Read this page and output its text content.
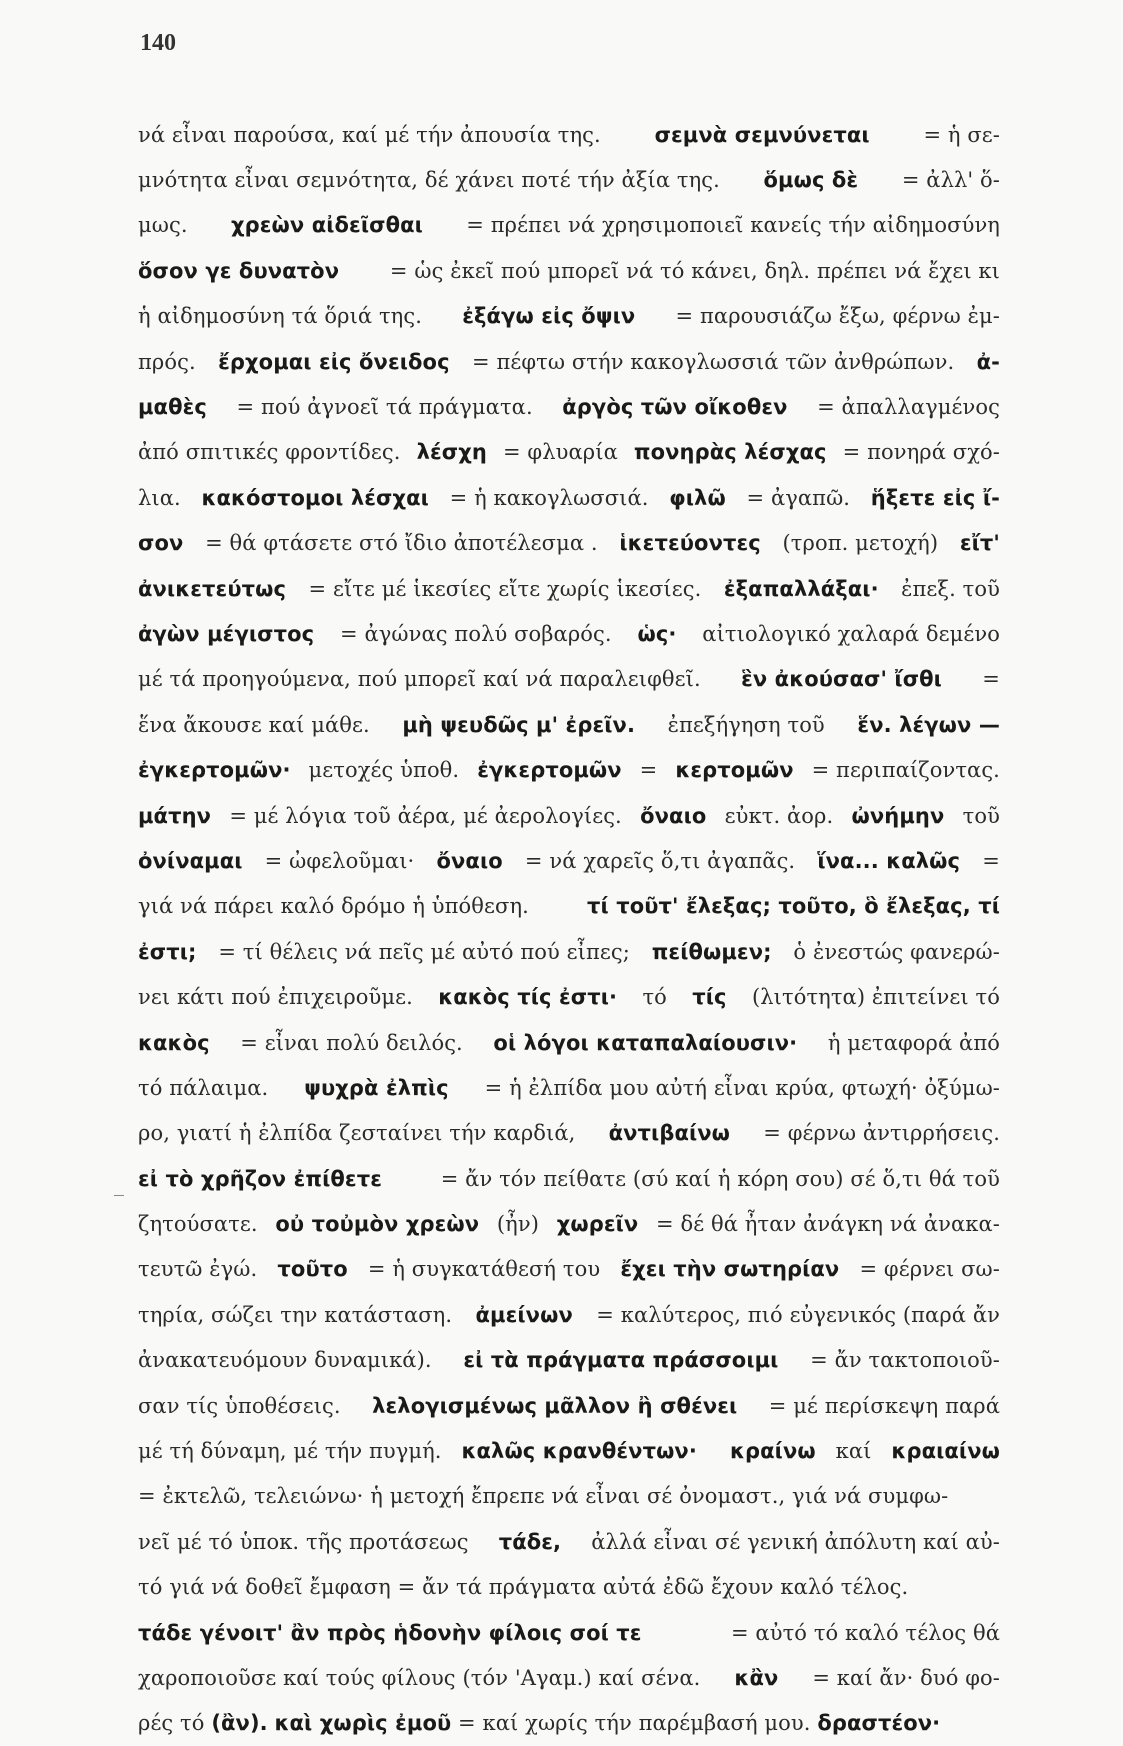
140
νά εἶναι παρούσα, καί μέ τήν ἀπουσία της. σεμνὰ σεμνύνεται = ἡ σε-
μνότητα εἶναι σεμνότητα, δέ χάνει ποτέ τήν ἀξία της. ὅμως δὲ = ἀλλ' ὅ-
μως. χρεὼν αἰδεῖσθαι = πρέπει νά χρησιμοποιεῖ κανείς τήν αἰδημοσύνη
ὅσον γε δυνατὸν = ὡς ἐκεῖ πού μπορεῖ νά τό κάνει, δηλ. πρέπει νά ἔχει κι
ἡ αἰδημοσύνη τά ὅριά της. ἐξάγω εἰς ὄψιν = παρουσιάζω ἔξω, φέρνω ἐμ-
πρός. ἔρχομαι εἰς ὄνειδος = πέφτω στήν κακογλωσσιά τῶν ἀνθρώπων. ἀ-
μαθὲς = πού ἀγνοεῖ τά πράγματα. ἀργὸς τῶν οἴκοθεν = ἀπαλλαγμένος
ἀπό σπιτικές φροντίδες. λέσχη = φλυαρία πονηρὰς λέσχας = πονηρά σχό-
λια. κακόστομοι λέσχαι = ἡ κακογλωσσιά. φιλῶ = ἀγαπῶ. ἥξετε εἰς ἴ-
σον = θά φτάσετε στό ἴδιο ἀποτέλεσμα . ἱκετεύοντες (τροπ. μετοχή) εἴτ'
ἀνικετεύτως = εἴτε μέ ἱκεσίες εἴτε χωρίς ἱκεσίες. ἐξαπαλλάξαι· ἐπεξ. τοῦ
ἀγὼν μέγιστος = ἀγώνας πολύ σοβαρός. ὡς· αἰτιολογικό χαλαρά δεμένο
μέ τά προηγούμενα, πού μπορεῖ καί νά παραλειφθεῖ. ἓν ἀκούσασ' ἴσθι =
ἕνα ἄκουσε καί μάθε. μὴ ψευδῶς μ' ἐρεῖν. ἐπεξήγηση τοῦ ἕν. λέγων —
ἐγκερτομῶν· μετοχές ὑποθ. ἐγκερτομῶν = κερτομῶν = περιπαίζοντας.
μάτην = μέ λόγια τοῦ ἀέρα, μέ ἀερολογίες. ὄναιο εὐκτ. ἀορ. ὠνήμην τοῦ
ὀνίναμαι = ὠφελοῦμαι· ὄναιο = νά χαρεῖς ὅ,τι ἀγαπᾶς. ἵνα... καλῶς =
γιά νά πάρει καλό δρόμο ἡ ὑπόθεση. τί τοῦτ' ἔλεξας; τοῦτο, ὃ ἔλεξας, τί
ἐστι; = τί θέλεις νά πεῖς μέ αὐτό πού εἶπες; πείθωμεν; ὁ ἐνεστώς φανερώ-
νει κάτι πού ἐπιχειροῦμε. κακὸς τίς ἐστι· τό τίς (λιτότητα) ἐπιτείνει τό
κακὸς = εἶναι πολύ δειλός. οἱ λόγοι καταπαλαίουσιν· ἡ μεταφορά ἀπό
τό πάλαιμα. ψυχρὰ ἐλπὶς = ἡ ἐλπίδα μου αὐτή εἶναι κρύα, φτωχή· ὀξύμω-
ρο, γιατί ἡ ἐλπίδα ζεσταίνει τήν καρδιά, ἀντιβαίνω = φέρνω ἀντιρρήσεις.
εἰ τὸ χρῆζον ἐπίθετε = ἄν τόν πείθατε (σύ καί ἡ κόρη σου) σέ ὅ,τι θά τοῦ
ζητούσατε. οὐ τοὐμὸν χρεὼν (ἦν) χωρεῖν = δέ θά ἦταν ἀνάγκη νά ἀνακα-
τευτῶ ἐγώ. τοῦτο = ἡ συγκατάθεσή του ἔχει τὴν σωτηρίαν = φέρνει σω-
τηρία, σώζει την κατάσταση. ἀμείνων = καλύτερος, πιό εὐγενικός (παρά ἄν
ἀνακατευόμουν δυναμικά). εἰ τὰ πράγματα πράσσοιμι = ἄν τακτοποιοῦ-
σαν τίς ὑποθέσεις. λελογισμένως μᾶλλον ἢ σθένει = μέ περίσκεψη παρά
μέ τή δύναμη, μέ τήν πυγμή. καλῶς κρανθέντων·
κραίνω καί κραιαίνω
= ἐκτελῶ, τελειώνω· ἡ μετοχή ἔπρεπε νά εἶναι σέ ὀνομαστ., γιά νά συμφω-
νεῖ μέ τό ὑποκ. τῆς προτάσεως τάδε, ἀλλά εἶναι σέ γενική ἀπόλυτη καί αὐ-
τό γιά νά δοθεῖ ἔμφαση = ἄν τά πράγματα αὐτά ἐδῶ ἔχουν καλό τέλος.
τάδε γένοιτ' ἂν πρὸς ἡδονὴν φίλοις σοί τε	= αὐτό τό καλό τέλος θά
χαροποιοῦσε καί τούς φίλους (τόν 'Αγαμ.) καί σένα. κἂν = καί ἄν· δυό φο-
ρές τό (ἂν).
καὶ χωρὶς ἐμοῦ = καί χωρίς τήν παρέμβασή μου. δραστέον·
